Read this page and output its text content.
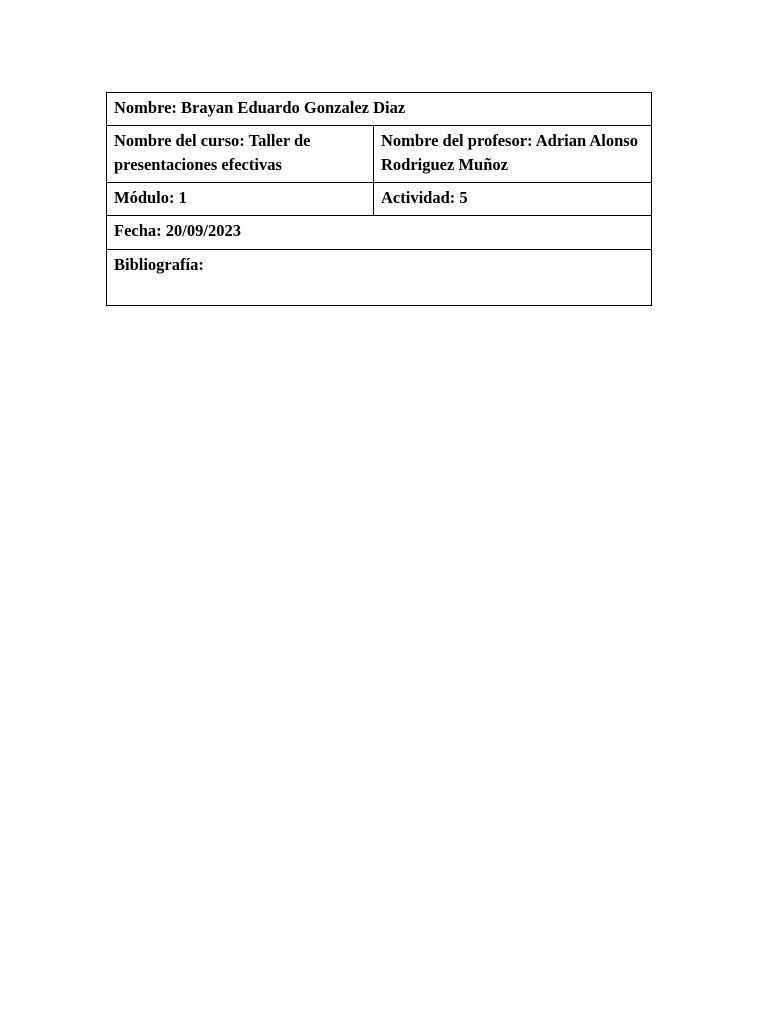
Nombre: Brayan Eduardo Gonzalez Diaz	
Nombre del curso: Taller de presentaciones efectivas	Nombre del profesor: Adrian Alonso Rodriguez Muñoz
Módulo: 1	Actividad: 5
Fecha: 20/09/2023	
Bibliografía:	
